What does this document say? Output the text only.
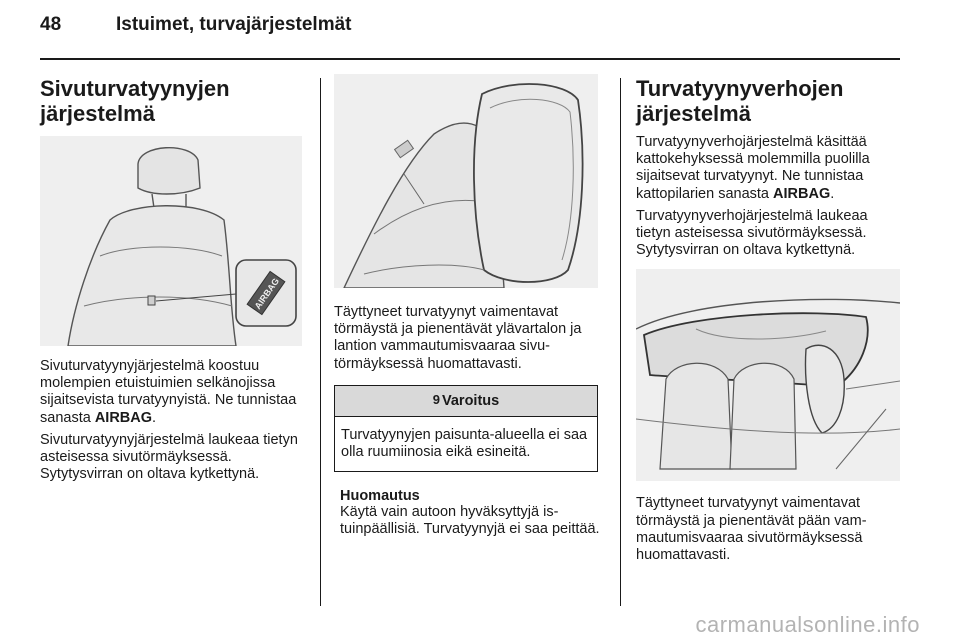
48	Istuimet, turvajärjestelmät
Sivuturvatyynyjen järjestelmä
AIRBAG

Sivuturvatyynyjärjestelmä koostuu molempien etuistuimien selkänojissa sijaitsevista turvatyynyistä. Ne tunnistaa sanasta AIRBAG.

Sivuturvatyynyjärjestelmä laukeaa tietyn asteisessa sivutörmäyksessä. Sytytysvirran on oltava kytkettynä.

Täyttyneet turvatyynyt vaimentavat törmäystä ja pienentävät ylävartalon ja lantion vammautumisvaaraa sivutörmäyksessä huomattavasti.

9 Varoitus

Turvatyynyjen paisunta-alueella ei saa olla ruumiinosia eikä esineitä.

Huomautus

Käytä vain autoon hyväksyttyjä istuinpäällisiä. Turvatyynyjä ei saa peittää.

Turvatyynyverhojen järjestelmä

Turvatyynyverhojärjestelmä käsittää kattokehyksessä molemmilla puolilla sijaitsevat turvatyynyt. Ne tunnistaa kattopilarien sanasta AIRBAG.

Turvatyynyverhojärjestelmä laukeaa tietyn asteisessa sivutörmäyksessä. Sytytysvirran on oltava kytkettynä.

Täyttyneet turvatyynyt vaimentavat törmäystä ja pienentävät pään vammautumisvaaraa sivutörmäyksessä huomattavasti.

carmanualsonline.info
